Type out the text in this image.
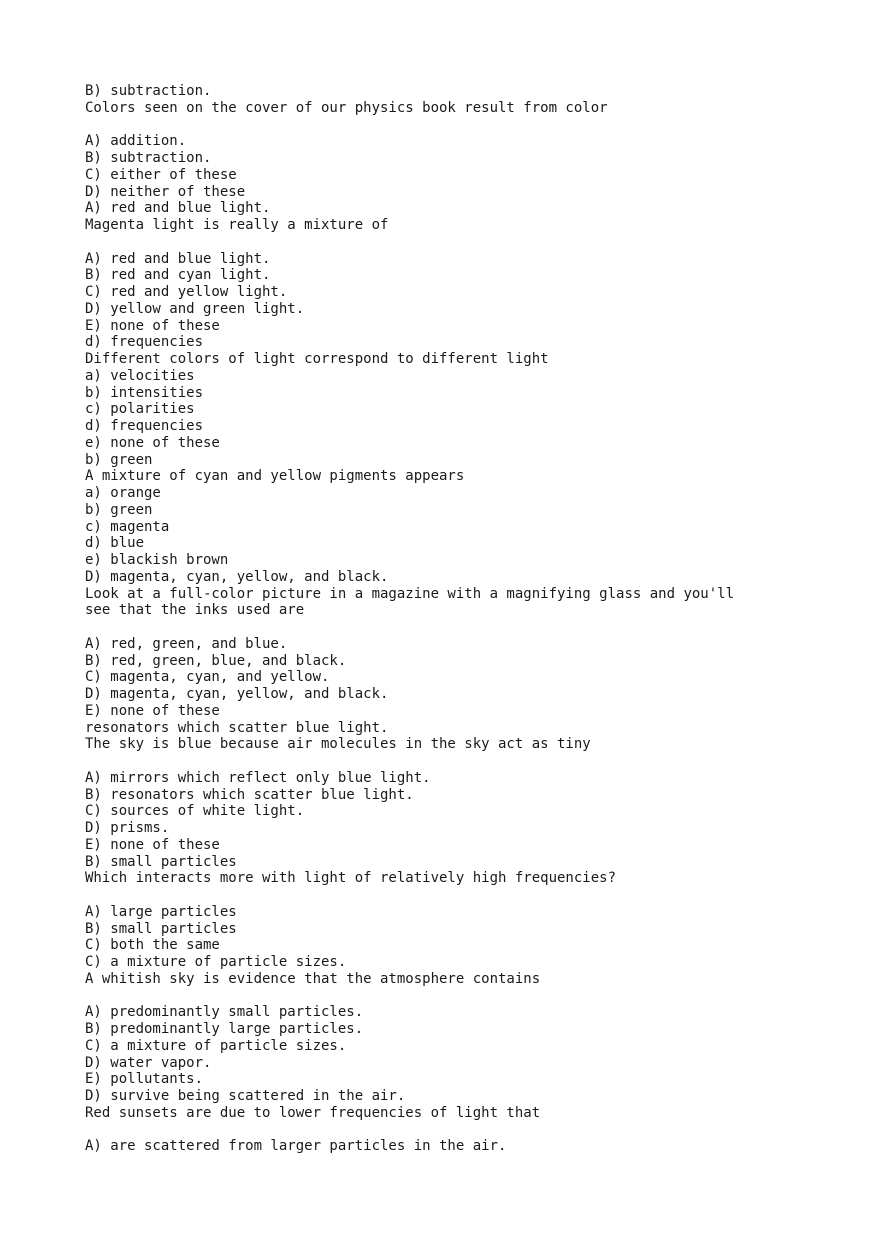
B) subtraction.
Colors seen on the cover of our physics book result from color
A) addition.
B) subtraction.
C) either of these
D) neither of these
A) red and blue light.
Magenta light is really a mixture of
A) red and blue light.
B) red and cyan light.
C) red and yellow light.
D) yellow and green light.
E) none of these
d) frequencies
Different colors of light correspond to different light
a) velocities
b) intensities
c) polarities
d) frequencies
e) none of these
b) green
A mixture of cyan and yellow pigments appears
a) orange
b) green
c) magenta
d) blue
e) blackish brown
D) magenta, cyan, yellow, and black.
Look at a full-color picture in a magazine with a magnifying glass and you'll
see that the inks used are
A) red, green, and blue.
B) red, green, blue, and black.
C) magenta, cyan, and yellow.
D) magenta, cyan, yellow, and black.
E) none of these
resonators which scatter blue light.
The sky is blue because air molecules in the sky act as tiny
A) mirrors which reflect only blue light.
B) resonators which scatter blue light.
C) sources of white light.
D) prisms.
E) none of these
B) small particles
Which interacts more with light of relatively high frequencies?
A) large particles
B) small particles
C) both the same
C) a mixture of particle sizes.
A whitish sky is evidence that the atmosphere contains
A) predominantly small particles.
B) predominantly large particles.
C) a mixture of particle sizes.
D) water vapor.
E) pollutants.
D) survive being scattered in the air.
Red sunsets are due to lower frequencies of light that
A) are scattered from larger particles in the air.
